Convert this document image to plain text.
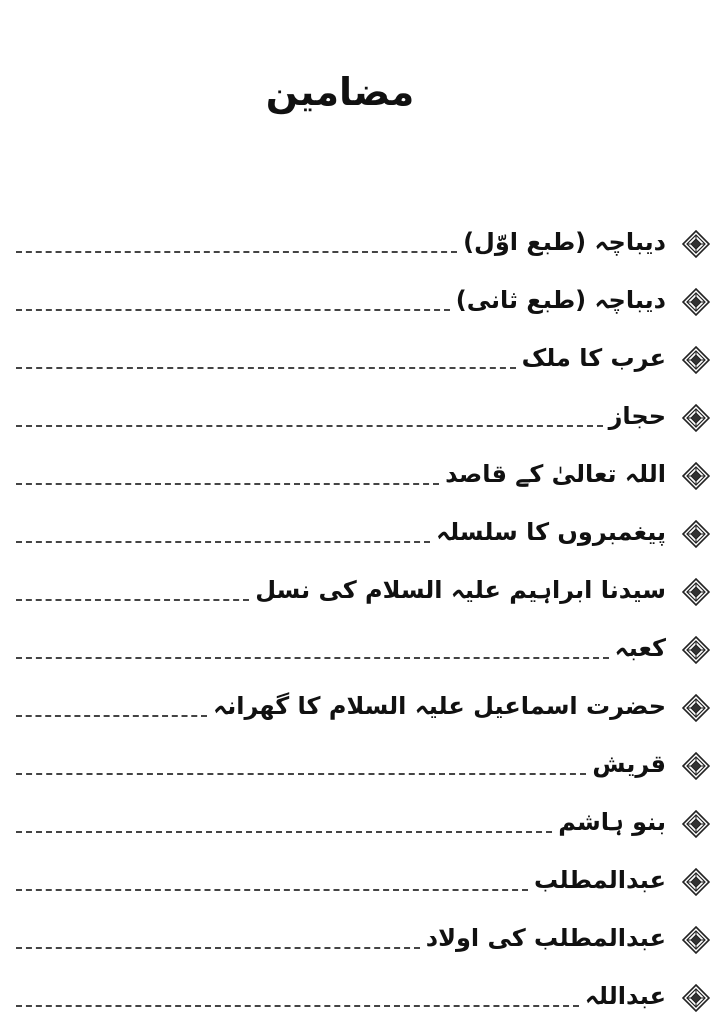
مضامین
دیباچہ (طبع اوّل)
دیباچہ (طبع ثانی)
عرب کا ملک
حجاز
اللہ تعالیٰ کے قاصد
پیغمبروں کا سلسلہ
سیدنا ابراہیم علیہ السلام کی نسل
کعبہ
حضرت اسماعیل علیہ السلام کا گھرانہ
قریش
بنو ہاشم
عبدالمطلب
عبدالمطلب کی اولاد
عبداللہ
